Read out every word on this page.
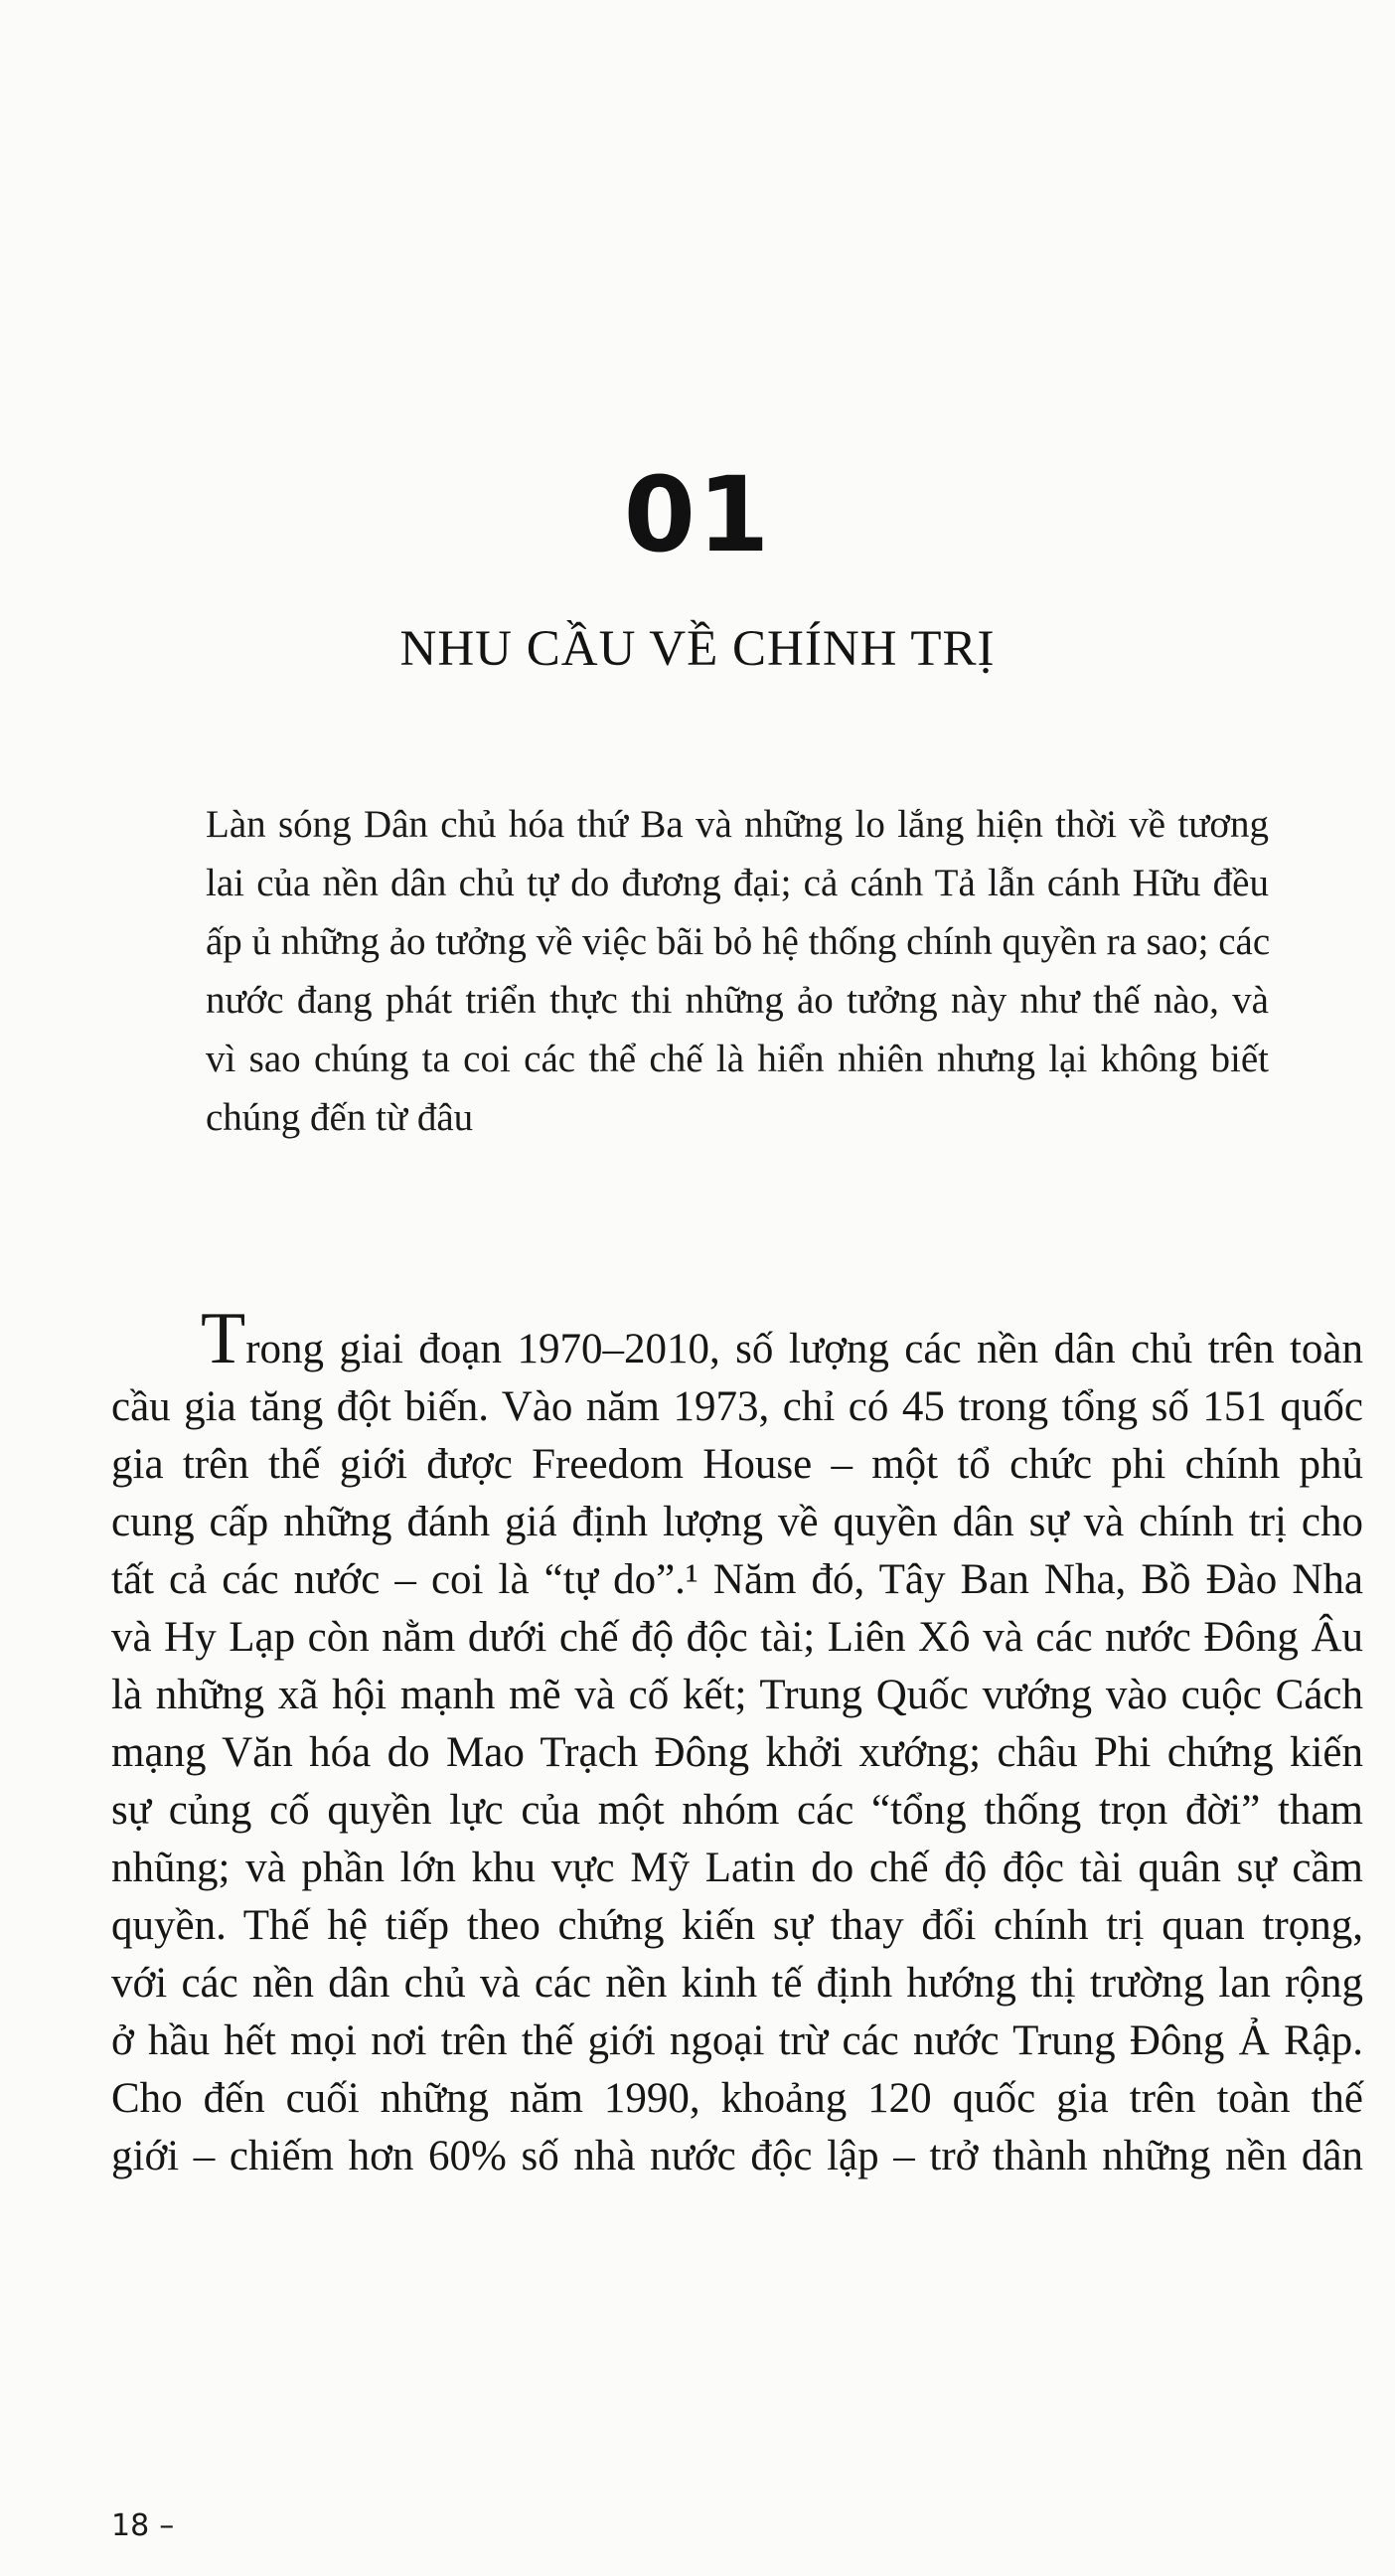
01
NHU CẦU VỀ CHÍNH TRỊ
Làn sóng Dân chủ hóa thứ Ba và những lo lắng hiện thời về tương
lai của nền dân chủ tự do đương đại; cả cánh Tả lẫn cánh Hữu đều
ấp ủ những ảo tưởng về việc bãi bỏ hệ thống chính quyền ra sao; các
nước đang phát triển thực thi những ảo tưởng này như thế nào, và
vì sao chúng ta coi các thể chế là hiển nhiên nhưng lại không biết
chúng đến từ đâu
Trong giai đoạn 1970–2010, số lượng các nền dân chủ trên toàn
cầu gia tăng đột biến. Vào năm 1973, chỉ có 45 trong tổng số 151 quốc
gia trên thế giới được Freedom House – một tổ chức phi chính phủ
cung cấp những đánh giá định lượng về quyền dân sự và chính trị cho
tất cả các nước – coi là “tự do”.¹ Năm đó, Tây Ban Nha, Bồ Đào Nha
và Hy Lạp còn nằm dưới chế độ độc tài; Liên Xô và các nước Đông Âu
là những xã hội mạnh mẽ và cố kết; Trung Quốc vướng vào cuộc Cách
mạng Văn hóa do Mao Trạch Đông khởi xướng; châu Phi chứng kiến
sự củng cố quyền lực của một nhóm các “tổng thống trọn đời” tham
nhũng; và phần lớn khu vực Mỹ Latin do chế độ độc tài quân sự cầm
quyền. Thế hệ tiếp theo chứng kiến sự thay đổi chính trị quan trọng,
với các nền dân chủ và các nền kinh tế định hướng thị trường lan rộng
ở hầu hết mọi nơi trên thế giới ngoại trừ các nước Trung Đông Ả Rập.
Cho đến cuối những năm 1990, khoảng 120 quốc gia trên toàn thế
giới – chiếm hơn 60% số nhà nước độc lập – trở thành những nền dân
18 –
